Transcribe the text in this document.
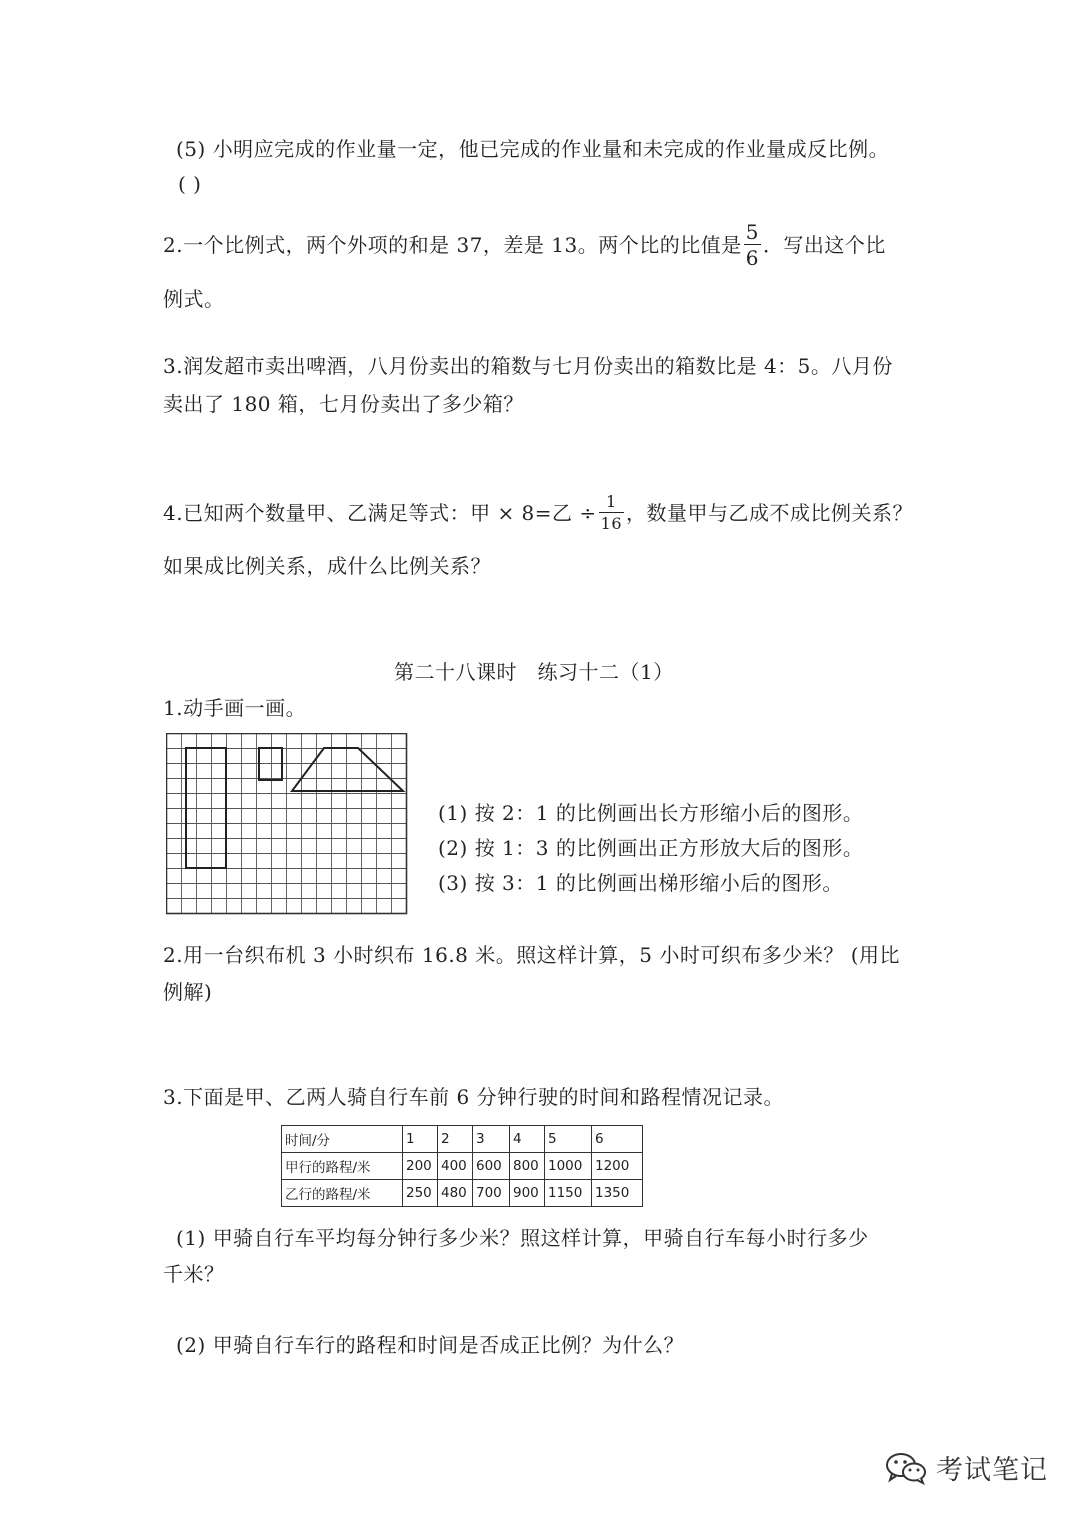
(5) 小明应完成的作业量一定，他已完成的作业量和未完成的作业量成反比例。
( )
2.一个比例式，两个外项的和是 37，差是 13。两个比的比值是 $\frac{5}{6}$ ．写出这个比
例式。
3.润发超市卖出啤酒，八月份卖出的箱数与七月份卖出的箱数比是 4：5。八月份
卖出了 180 箱，七月份卖出了多少箱？
4.已知两个数量甲、乙满足等式：甲 × 8=乙 ÷ $\frac{1}{16}$ ，数量甲与乙成不成比例关系？
如果成比例关系，成什么比例关系？
第二十八课时　练习十二（1）
1.动手画一画。
(1) 按 2：1 的比例画出长方形缩小后的图形。
(2) 按 1：3 的比例画出正方形放大后的图形。
(3) 按 3：1 的比例画出梯形缩小后的图形。
2.用一台织布机 3 小时织布 16.8 米。照这样计算，5 小时可织布多少米？ (用比
例解)
3.下面是甲、乙两人骑自行车前 6 分钟行驶的时间和路程情况记录。
时间/分	1	2	3	4	5	6
甲行的路程/米	200	400	600	800	1000	1200
乙行的路程/米	250	480	700	900	1150	1350
(1) 甲骑自行车平均每分钟行多少米？照这样计算，甲骑自行车每小时行多少
千米？
(2) 甲骑自行车行的路程和时间是否成正比例？为什么？
考试笔记
